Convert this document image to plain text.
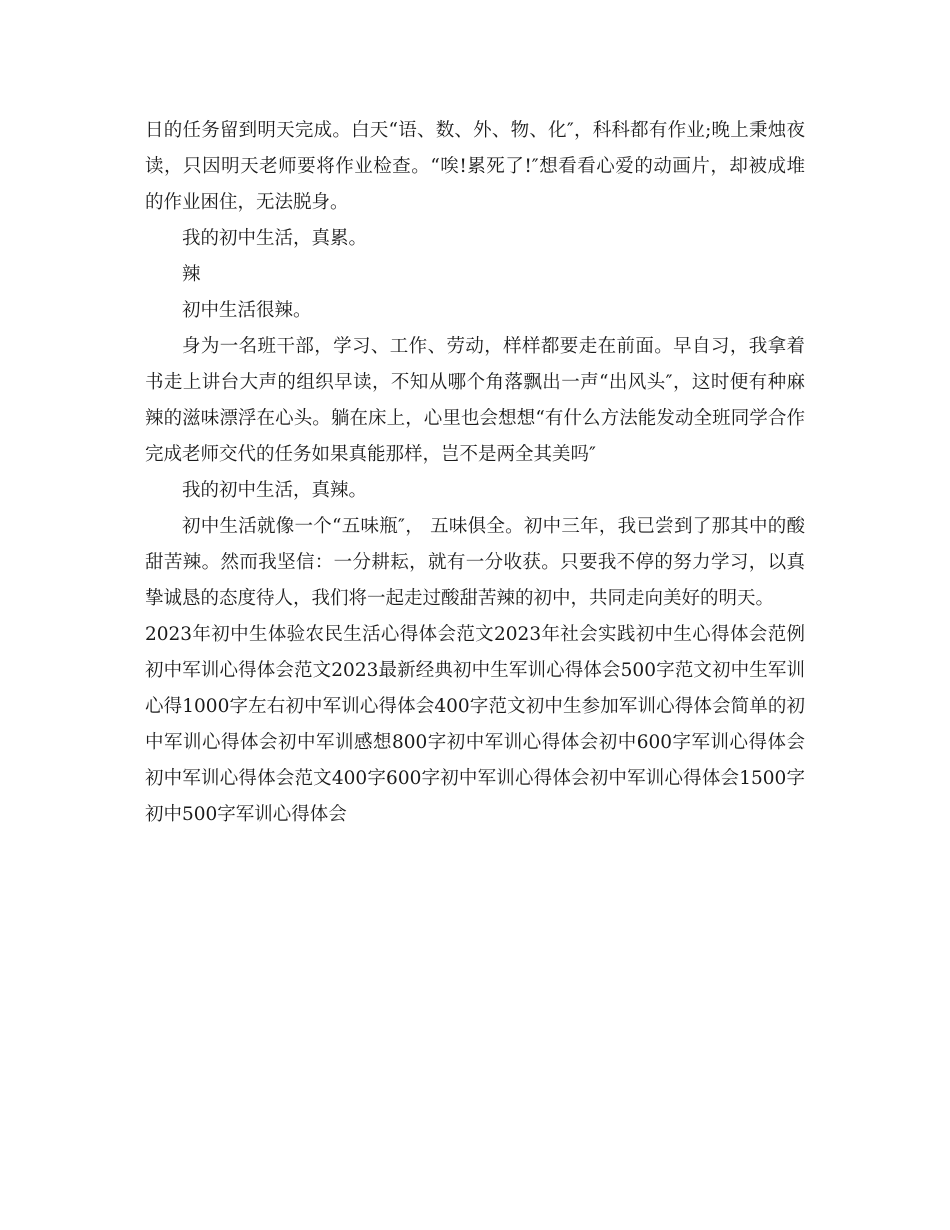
日的任务留到明天完成。白天“语、数、外、物、化″，科科都有作业;晚上秉烛夜读，只因明天老师要将作业检查。“唉!累死了!″想看看心爱的动画片，却被成堆的作业困住，无法脱身。

我的初中生活，真累。

辣

初中生活很辣。

身为一名班干部，学习、工作、劳动，样样都要走在前面。早自习，我拿着书走上讲台大声的组织早读，不知从哪个角落飘出一声“出风头″，这时便有种麻辣的滋味漂浮在心头。躺在床上，心里也会想想“有什么方法能发动全班同学合作完成老师交代的任务如果真能那样，岂不是两全其美吗″

我的初中生活，真辣。

初中生活就像一个“五味瓶″， 五味俱全。初中三年，我已尝到了那其中的酸甜苦辣。然而我坚信：一分耕耘，就有一分收获。只要我不停的努力学习，以真挚诚恳的态度待人，我们将一起走过酸甜苦辣的初中，共同走向美好的明天。

2023年初中生体验农民生活心得体会范文2023年社会实践初中生心得体会范例初中军训心得体会范文2023最新经典初中生军训心得体会500字范文初中生军训心得1000字左右初中军训心得体会400字范文初中生参加军训心得体会简单的初中军训心得体会初中军训感想800字初中军训心得体会初中600字军训心得体会初中军训心得体会范文400字600字初中军训心得体会初中军训心得体会1500字初中500字军训心得体会
